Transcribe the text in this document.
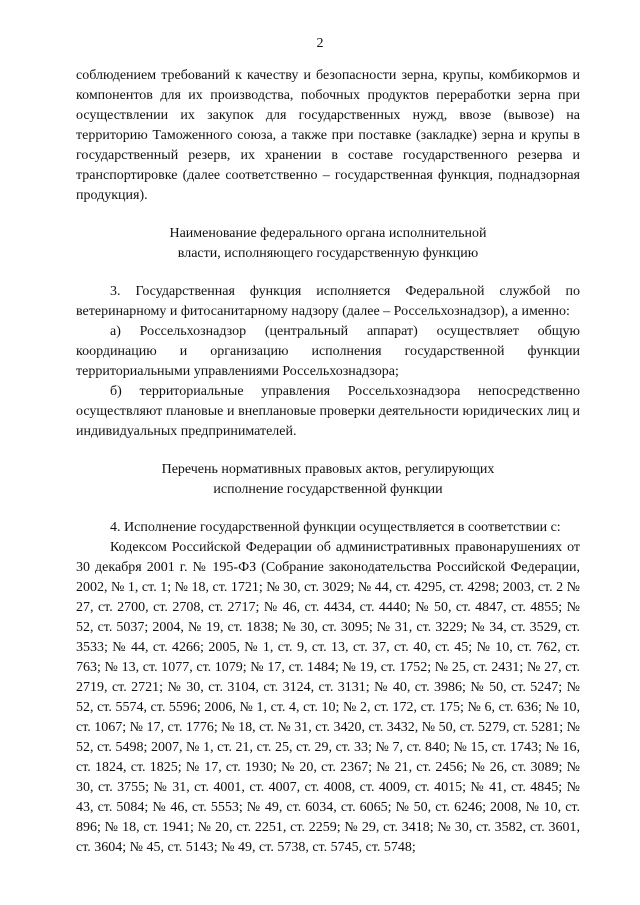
2

соблюдением требований к качеству и безопасности зерна, крупы, комбикормов и компонентов для их производства, побочных продуктов переработки зерна при осуществлении их закупок для государственных нужд, ввозе (вывозе) на территорию Таможенного союза, а также при поставке (закладке) зерна и крупы в государственный резерв, их хранении в составе государственного резерва и транспортировке (далее соответственно – государственная функция, поднадзорная продукция).

Наименование федерального органа исполнительной
власти, исполняющего государственную функцию

3. Государственная функция исполняется Федеральной службой по ветеринарному и фитосанитарному надзору (далее – Россельхознадзор), а именно:

а) Россельхознадзор (центральный аппарат) осуществляет общую координацию и организацию исполнения государственной функции территориальными управлениями Россельхознадзора;

б) территориальные управления Россельхознадзора непосредственно осуществляют плановые и внеплановые проверки деятельности юридических лиц и индивидуальных предпринимателей.

Перечень нормативных правовых актов, регулирующих
исполнение государственной функции

4. Исполнение государственной функции осуществляется в соответствии с:

Кодексом Российской Федерации об административных правонарушениях от 30 декабря 2001 г. № 195-ФЗ (Собрание законодательства Российской Федерации, 2002, № 1, ст. 1; № 18, ст. 1721; № 30, ст. 3029; № 44, ст. 4295, ст. 4298; 2003, ст. 2 № 27, ст. 2700, ст. 2708, ст. 2717; № 46, ст. 4434, ст. 4440; № 50, ст. 4847, ст. 4855; № 52, ст. 5037; 2004, № 19, ст. 1838; № 30, ст. 3095; № 31, ст. 3229; № 34, ст. 3529, ст. 3533; № 44, ст. 4266; 2005, № 1, ст. 9, ст. 13, ст. 37, ст. 40, ст. 45; № 10, ст. 762, ст. 763; № 13, ст. 1077, ст. 1079; № 17, ст. 1484; № 19, ст. 1752; № 25, ст. 2431; № 27, ст. 2719, ст. 2721; № 30, ст. 3104, ст. 3124, ст. 3131; № 40, ст. 3986; № 50, ст. 5247; № 52, ст. 5574, ст. 5596; 2006, № 1, ст. 4, ст. 10; № 2, ст. 172, ст. 175; № 6, ст. 636; № 10, ст. 1067; № 17, ст. 1776; № 18, ст. № 31, ст. 3420, ст. 3432, № 50, ст. 5279, ст. 5281; № 52, ст. 5498; 2007, № 1, ст. 21, ст. 25, ст. 29, ст. 33; № 7, ст. 840; № 15, ст. 1743; № 16, ст. 1824, ст. 1825; № 17, ст. 1930; № 20, ст. 2367; № 21, ст. 2456; № 26, ст. 3089; № 30, ст. 3755; № 31, ст. 4001, ст. 4007, ст. 4008, ст. 4009, ст. 4015; № 41, ст. 4845; № 43, ст. 5084; № 46, ст. 5553; № 49, ст. 6034, ст. 6065; № 50, ст. 6246; 2008, № 10, ст. 896; № 18, ст. 1941; № 20, ст. 2251, ст. 2259; № 29, ст. 3418; № 30, ст. 3582, ст. 3601, ст. 3604; № 45, ст. 5143; № 49, ст. 5738, ст. 5745, ст. 5748;
